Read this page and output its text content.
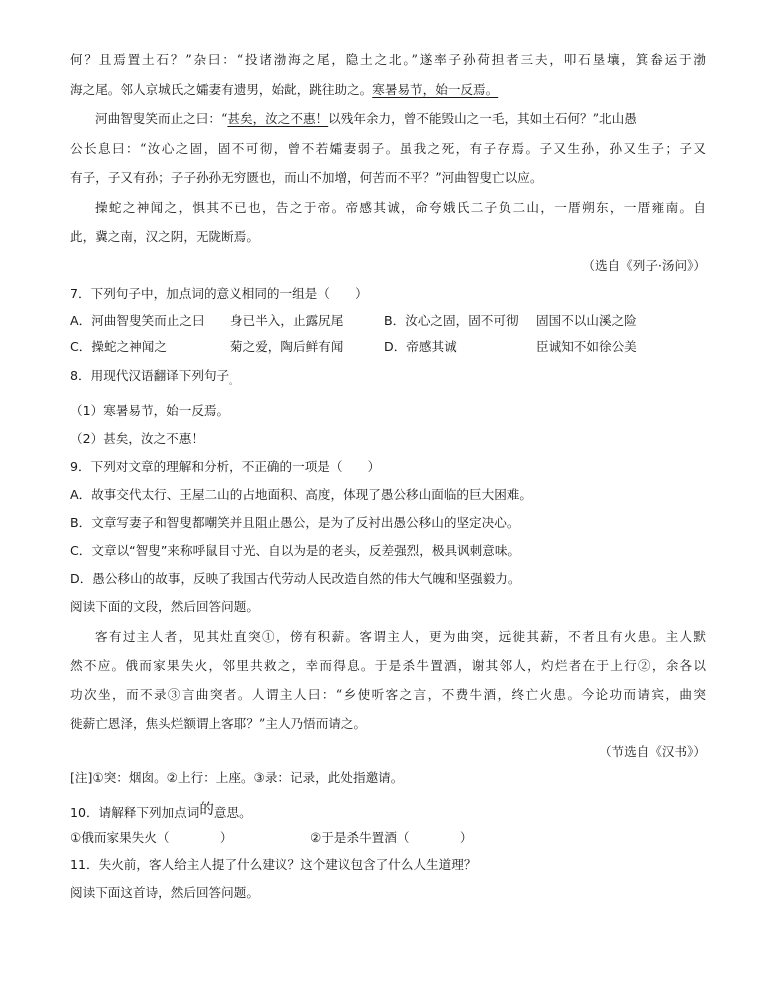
何？且焉置土石？”杂曰：“投诸渤海之尾，隐土之北。”遂率子孙荷担者三夫，叩石垦壤，箕畚运于渤
海之尾。邻人京城氏之孀妻有遗男，始龀，跳往助之。寒暑易节，始一反焉。
河曲智叟笑而止之曰：“甚矣，汝之不惠！以残年余力，曾不能毁山之一毛，其如土石何？”北山愚
公长息曰：“汝心之固，固不可彻，曾不若孀妻弱子。虽我之死，有子存焉。子又生孙，孙又生子；子又
有子，子又有孙；子子孙孙无穷匮也，而山不加增，何苦而不平？”河曲智叟亡以应。
操蛇之神闻之，惧其不已也，告之于帝。帝感其诚，命夸娥氏二子负二山，一厝朔东，一厝雍南。自
此，冀之南，汉之阴，无陇断焉。
（选自《列子·汤问》）
7．下列句子中，加点词的意义相同的一组是（　　）
A．河曲智叟笑而止之曰 身已半入，止露尻尾	B．汝心之固，固不可彻 固国不以山溪之险
C．操蛇之神闻之	菊之爱，陶后鲜有闻	D．帝感其诚	臣诚知不如徐公美
8．用现代汉语翻译下列句子$_。$
（1）寒暑易节，始一反焉。
（2）甚矣，汝之不惠！
9．下列对文章的理解和分析，不正确的一项是（　　）
A．故事交代太行、王屋二山的占地面积、高度，体现了愚公移山面临的巨大困难。
B．文章写妻子和智叟都嘲笑并且阻止愚公，是为了反衬出愚公移山的坚定决心。
C．文章以“智叟”来称呼鼠目寸光、自以为是的老头，反差强烈，极具讽刺意味。
D．愚公移山的故事，反映了我国古代劳动人民改造自然的伟大气魄和坚强毅力。
阅读下面的文段，然后回答问题。
客有过主人者，见其灶直突①，傍有积薪。客谓主人，更为曲突，远徙其薪，不者且有火患。主人默
然不应。俄而家果失火，邻里共救之，幸而得息。于是杀牛置酒，谢其邻人，灼烂者在于上行②，余各以
功次坐，而不录③言曲突者。人谓主人曰：“乡使听客之言，不费牛酒，终亡火患。今论功而请宾，曲突
徙薪亡恩泽，焦头烂额谓上客耶？”主人乃悟而请之。
（节选自《汉书》）
[注]①突：烟囱。②上行：上座。③录：记录，此处指邀请。
10．请解释下列加点词的意思。
①俄而家果失火（　　　　）	②于是杀牛置酒（　　　　）
11．失火前，客人给主人提了什么建议？这个建议包含了什么人生道理？
阅读下面这首诗，然后回答问题。
